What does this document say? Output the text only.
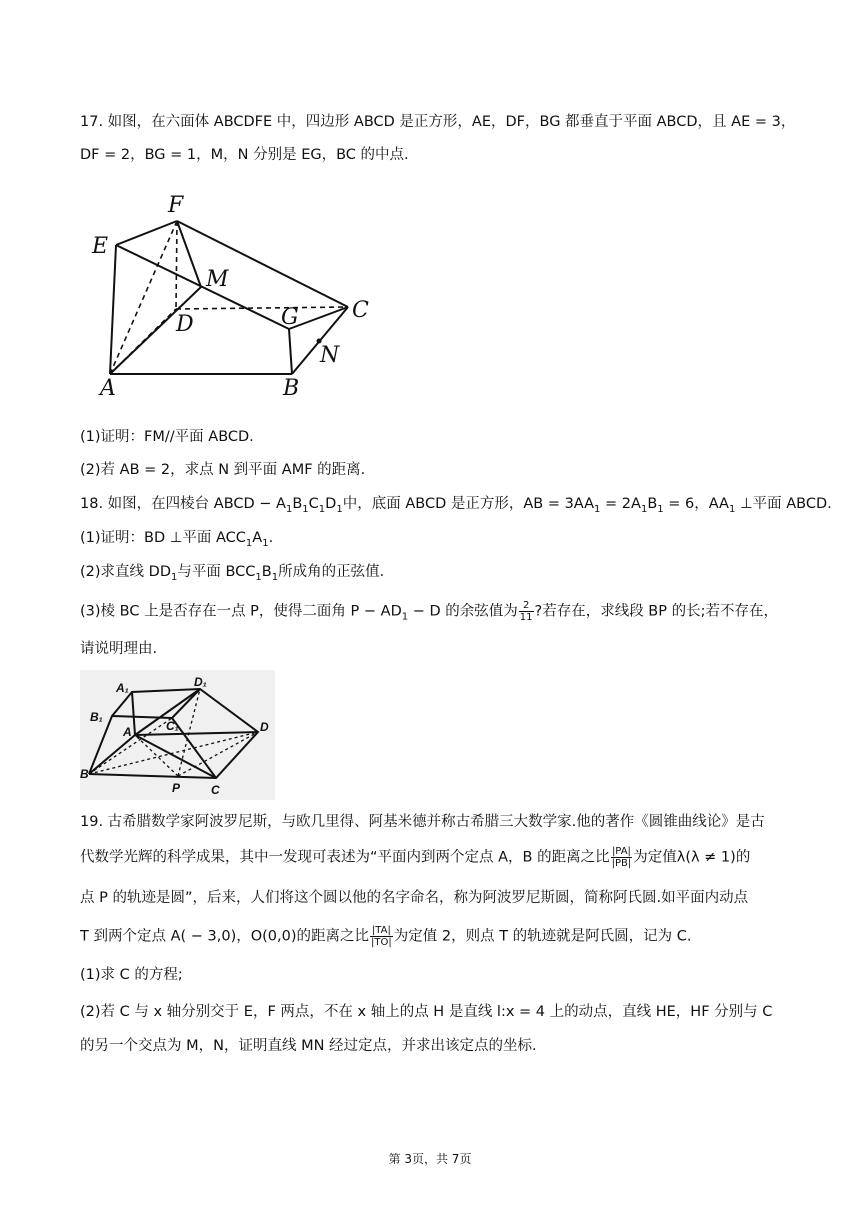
17. 如图，在六面体 ABCDFE 中，四边形 ABCD 是正方形，AE，DF，BG 都垂直于平面 ABCD，且 AE = 3，
DF = 2，BG = 1，M，N 分别是 EG，BC 的中点.
F
E
M
D	G C
N
A	B
(1)证明：FM//平面 ABCD.
(2)若 AB = 2，求点 N 到平面 AMF 的距离.
18. 如图，在四棱台 ABCD − $A_1B_1C_1D_1$中，底面 ABCD 是正方形，AB = $3AA_1 = 2A_1B_1 = 6$，$AA_1$ ⊥平面 ABCD.
(1)证明：BD ⊥平面 $ACC_1A_1$.
(2)求直线 $DD_1$与平面 $BCC_1B_1$所成角的正弦值.
(3)棱 BC 上是否存在一点 P，使得二面角 $P - AD_1 - D$ 的余弦值为 $\frac{2}{11}$ ?若存在，求线段 BP 的长;若不存在，
请说明理由.
A₁	D₁
B₁
C₁
A	D
B
P	C
19. 古希腊数学家阿波罗尼斯，与欧几里得、阿基米德并称古希腊三大数学家.他的著作《圆锥曲线论》是古
代数学光辉的科学成果，其中一发现可表述为“平面内到两个定点 A，B 的距离之比 $\frac{|PA|}{|PB|}$ 为定值λ(λ ≠ 1)的
点 P 的轨迹是圆”，后来，人们将这个圆以他的名字命名，称为阿波罗尼斯圆，简称阿氏圆.如平面内动点
T 到两个定点 A( − 3,0)，O(0,0)的距离之比 $\frac{|TA|}{|TO|}$ 为定值 2，则点 T 的轨迹就是阿氏圆，记为 C.
(1)求 C 的方程;
(2)若 C 与 x 轴分别交于 E，F 两点，不在 x 轴上的点 H 是直线 l:x = 4 上的动点，直线 HE，HF 分别与 C
的另一个交点为 M，N，证明直线 MN 经过定点，并求出该定点的坐标.
第 3页，共 7页
